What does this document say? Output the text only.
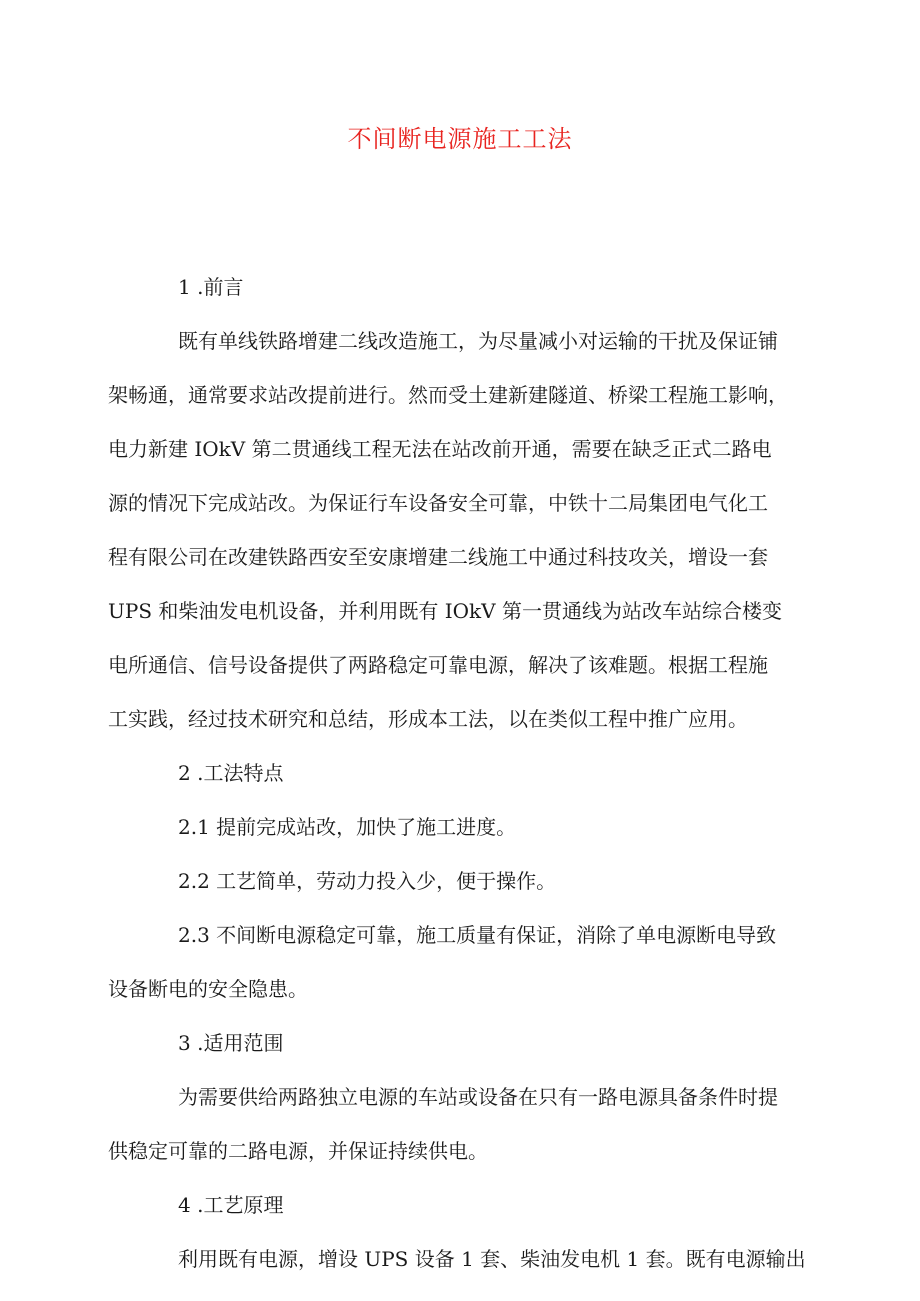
不间断电源施工工法
1 .前言
既有单线铁路增建二线改造施工，为尽量减小对运输的干扰及保证铺
架畅通，通常要求站改提前进行。然而受土建新建隧道、桥梁工程施工影响，
电力新建 IOkV 第二贯通线工程无法在站改前开通，需要在缺乏正式二路电
源的情况下完成站改。为保证行车设备安全可靠，中铁十二局集团电气化工
程有限公司在改建铁路西安至安康增建二线施工中通过科技攻关，增设一套
UPS 和柴油发电机设备，并利用既有 IOkV 第一贯通线为站改车站综合楼变
电所通信、信号设备提供了两路稳定可靠电源，解决了该难题。根据工程施
工实践，经过技术研究和总结，形成本工法，以在类似工程中推广应用。
2 .工法特点
2.1 提前完成站改，加快了施工进度。
2.2 工艺简单，劳动力投入少，便于操作。
2.3 不间断电源稳定可靠，施工质量有保证，消除了单电源断电导致
设备断电的安全隐患。
3 .适用范围
为需要供给两路独立电源的车站或设备在只有一路电源具备条件时提
供稳定可靠的二路电源，并保证持续供电。
4 .工艺原理
利用既有电源，增设 UPS 设备 1 套、柴油发电机 1 套。既有电源输出
